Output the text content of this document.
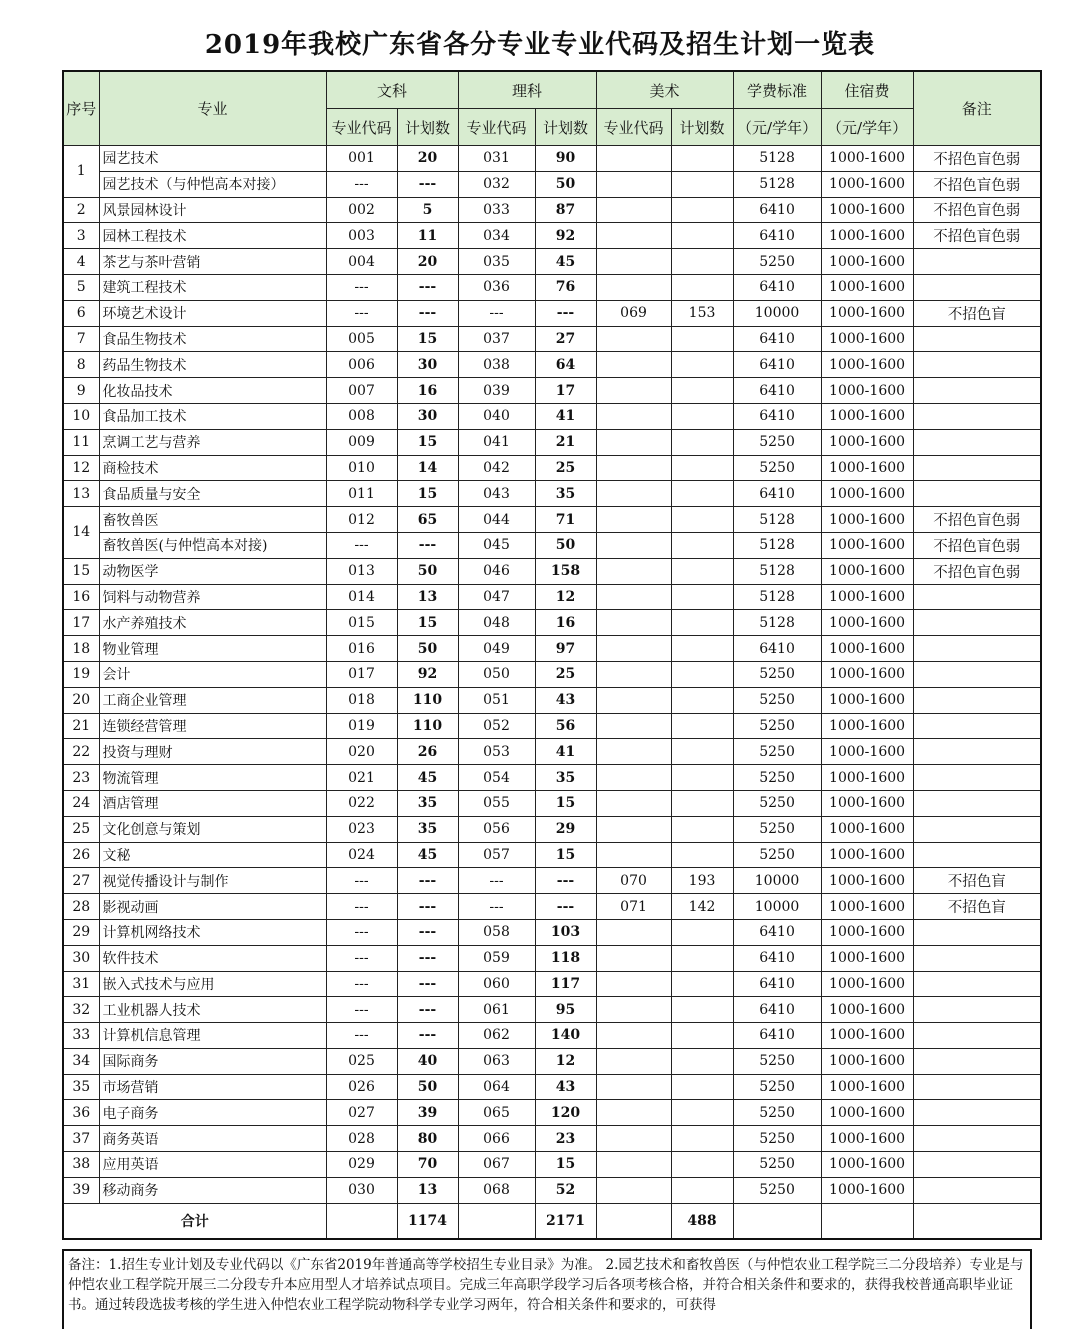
2019年我校广东省各分专业专业代码及招生计划一览表
序号	专业	文科		理科		美术		学费标准	住宿费	备注
		专业代码	计划数	专业代码	计划数	专业代码	计划数	（元/学年）	（元/学年）	
1	园艺技术	001	20	031	90			5128	1000-1600	不招色盲色弱
	园艺技术（与仲恺高本对接）	---	---	032	50			5128	1000-1600	不招色盲色弱
2	风景园林设计	002	5	033	87			6410	1000-1600	不招色盲色弱
3	园林工程技术	003	11	034	92			6410	1000-1600	不招色盲色弱
4	茶艺与茶叶营销	004	20	035	45			5250	1000-1600	
5	建筑工程技术	---	---	036	76			6410	1000-1600	
6	环境艺术设计	---	---	---	---	069	153	10000	1000-1600	不招色盲
7	食品生物技术	005	15	037	27			6410	1000-1600	
8	药品生物技术	006	30	038	64			6410	1000-1600	
9	化妆品技术	007	16	039	17			6410	1000-1600	
10	食品加工技术	008	30	040	41			6410	1000-1600	
11	烹调工艺与营养	009	15	041	21			5250	1000-1600	
12	商检技术	010	14	042	25			5250	1000-1600	
13	食品质量与安全	011	15	043	35			6410	1000-1600	
14	畜牧兽医	012	65	044	71			5128	1000-1600	不招色盲色弱
	畜牧兽医(与仲恺高本对接)	---	---	045	50			5128	1000-1600	不招色盲色弱
15	动物医学	013	50	046	158			5128	1000-1600	不招色盲色弱
16	饲料与动物营养	014	13	047	12			5128	1000-1600	
17	水产养殖技术	015	15	048	16			5128	1000-1600	
18	物业管理	016	50	049	97			6410	1000-1600	
19	会计	017	92	050	25			5250	1000-1600	
20	工商企业管理	018	110	051	43			5250	1000-1600	
21	连锁经营管理	019	110	052	56			5250	1000-1600	
22	投资与理财	020	26	053	41			5250	1000-1600	
23	物流管理	021	45	054	35			5250	1000-1600	
24	酒店管理	022	35	055	15			5250	1000-1600	
25	文化创意与策划	023	35	056	29			5250	1000-1600	
26	文秘	024	45	057	15			5250	1000-1600	
27	视觉传播设计与制作	---	---	---	---	070	193	10000	1000-1600	不招色盲
28	影视动画	---	---	---	---	071	142	10000	1000-1600	不招色盲
29	计算机网络技术	---	---	058	103			6410	1000-1600	
30	软件技术	---	---	059	118			6410	1000-1600	
31	嵌入式技术与应用	---	---	060	117			6410	1000-1600	
32	工业机器人技术	---	---	061	95			6410	1000-1600	
33	计算机信息管理	---	---	062	140			6410	1000-1600	
34	国际商务	025	40	063	12			5250	1000-1600	
35	市场营销	026	50	064	43			5250	1000-1600	
36	电子商务	027	39	065	120			5250	1000-1600	
37	商务英语	028	80	066	23			5250	1000-1600	
38	应用英语	029	70	067	15			5250	1000-1600	
39	移动商务	030	13	068	52			5250	1000-1600	
合计			1174		2171		488			
备注：1.招生专业计划及专业代码以《广东省2019年普通高等学校招生专业目录》为准。 2.园艺技术和畜牧兽医（与仲恺农业工程学院三二分段培养）专业是与仲恺农业工程学院开展三二分段专升本应用型人才培养试点项目。完成三年高职学段学习后各项考核合格，并符合相关条件和要求的，获得我校普通高职毕业证书。通过转段选拔考核的学生进入仲恺农业工程学院动物科学专业学习两年，符合相关条件和要求的，可获得
